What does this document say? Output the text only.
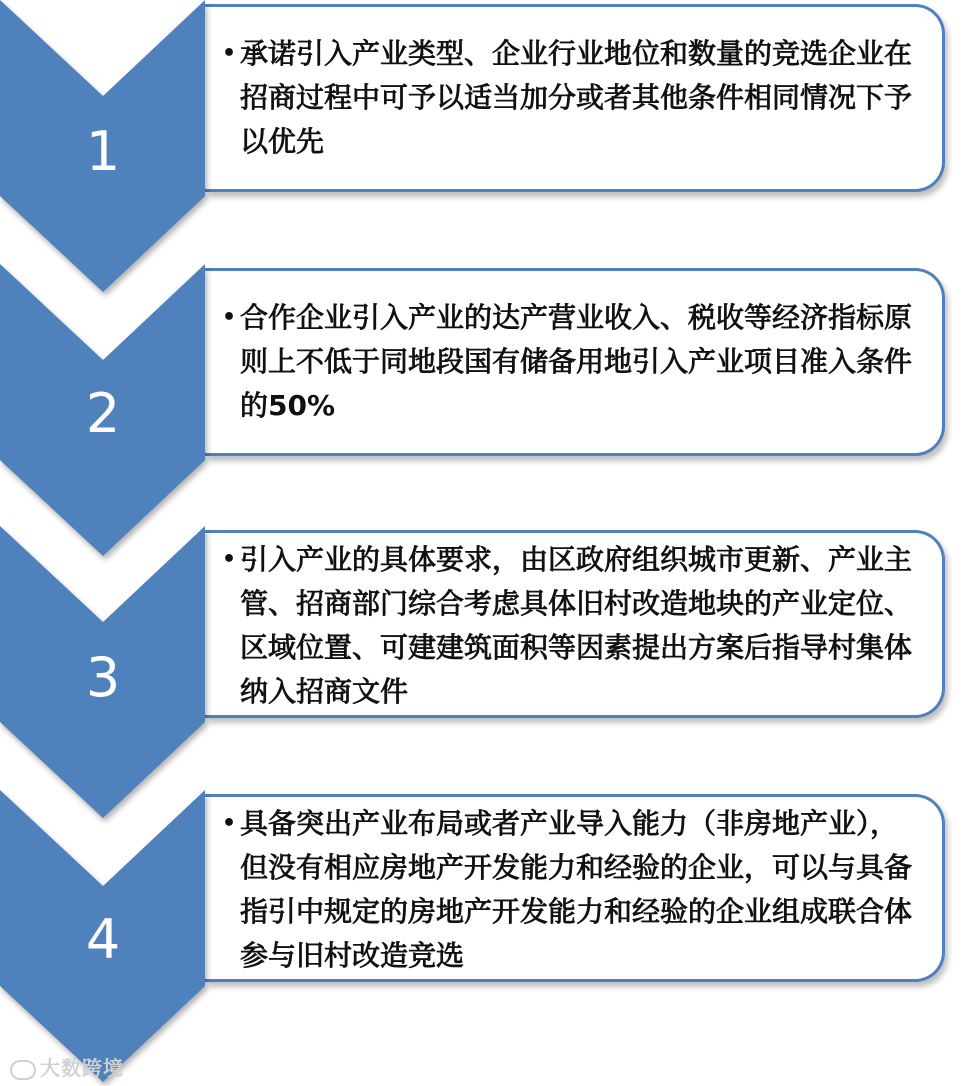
• 承诺引入产业类型、企业行业地位和数量的竞选企业在招商过程中可予以适当加分或者其他条件相同情况下予以优先
• 合作企业引入产业的达产营业收入、税收等经济指标原则上不低于同地段国有储备用地引入产业项目准入条件的50%
• 引入产业的具体要求，由区政府组织城市更新、产业主管、招商部门综合考虑具体旧村改造地块的产业定位、区域位置、可建建筑面积等因素提出方案后指导村集体纳入招商文件
• 具备突出产业布局或者产业导入能力（非房地产业），但没有相应房地产开发能力和经验的企业，可以与具备指引中规定的房地产开发能力和经验的企业组成联合体参与旧村改造竞选
1
2
3
4
大数跨境
